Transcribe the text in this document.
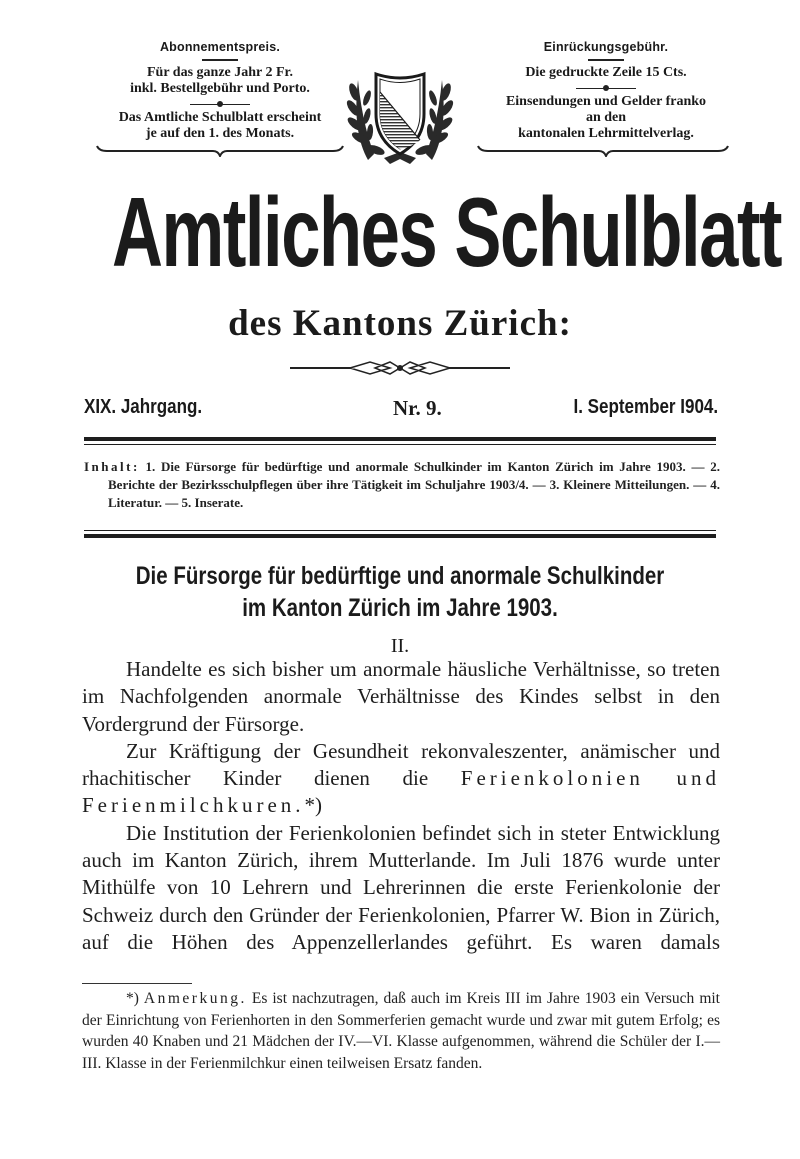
Abonnementspreis.
Für das ganze Jahr 2 Fr.
inkl. Bestellgebühr und Porto.
Das Amtliche Schulblatt erscheint
je auf den 1. des Monats.
Einrückungsgebühr.
Die gedruckte Zeile 15 Cts.
Einsendungen und Gelder franko
an den
kantonalen Lehrmittelverlag.
Amtliches Schulblatt
des Kantons Zürich:
XIX. Jahrgang.	Nr. 9.	I. September I904.

Inhalt: 1. Die Fürsorge für bedürftige und anormale Schulkinder im Kanton Zürich im Jahre 1903. — 2. Berichte der Bezirksschulpflegen über ihre Tätigkeit im Schuljahre 1903/4. — 3. Kleinere Mitteilungen. — 4. Literatur. — 5. Inserate.

Die Fürsorge für bedürftige und anormale Schulkinder
im Kanton Zürich im Jahre 1903.
II.

Handelte es sich bisher um anormale häusliche Verhältnisse, so treten im Nachfolgenden anormale Verhältnisse des Kindes selbst in den Vordergrund der Fürsorge.

Zur Kräftigung der Gesundheit rekonvaleszenter, anämischer und rhachitischer Kinder dienen die Ferienkolonien und Ferienmilchkuren.*)

Die Institution der Ferienkolonien befindet sich in steter Entwicklung auch im Kanton Zürich, ihrem Mutterlande. Im Juli 1876 wurde unter Mithülfe von 10 Lehrern und Lehrerinnen die erste Ferienkolonie der Schweiz durch den Gründer der Ferienkolonien, Pfarrer W. Bion in Zürich, auf die Höhen des Appenzellerlandes geführt. Es waren damals

*) Anmerkung. Es ist nachzutragen, daß auch im Kreis III im Jahre 1903 ein Versuch mit der Einrichtung von Ferienhorten in den Sommerferien gemacht wurde und zwar mit gutem Erfolg; es wurden 40 Knaben und 21 Mädchen der IV.—VI. Klasse aufgenommen, während die Schüler der I.—III. Klasse in der Ferienmilchkur einen teilweisen Ersatz fanden.
